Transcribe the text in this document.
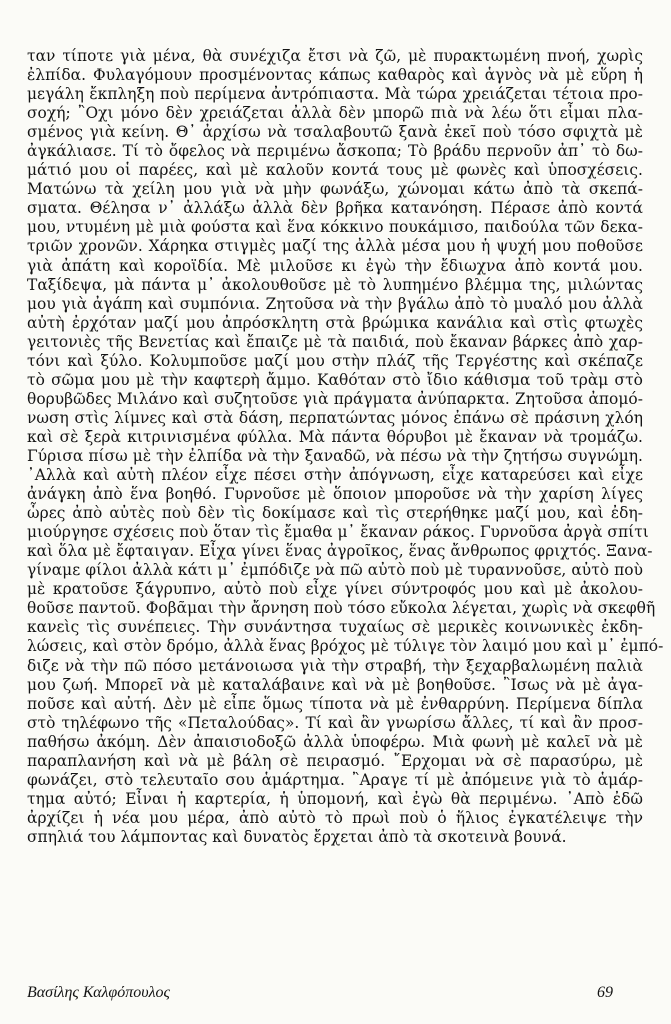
ταν τίποτε γιὰ μένα, θὰ συνέχιζα ἔτσι νὰ ζῶ, μὲ πυρακτωμένη πνοή, χωρὶς
ἐλπίδα. Φυλαγόμουν προσμένοντας κάπως καθαρὸς καὶ ἁγνὸς νὰ μὲ εὕρη ἡ
μεγάλη ἔκπληξη ποὺ περίμενα ἀντρόπιαστα. Μὰ τώρα χρειάζεται τέτοια προ-
σοχή; ῍Οχι μόνο δὲν χρειάζεται ἀλλὰ δὲν μπορῶ πιὰ νὰ λέω ὅτι εἶμαι πλα-
σμένος γιὰ κείνη. Θ᾿ ἀρχίσω νὰ τσαλαβουτῶ ξανὰ ἐκεῖ ποὺ τόσο σφιχτὰ μὲ
ἀγκάλιασε. Τί τὸ ὄφελος νὰ περιμένω ἄσκοπα; Τὸ βράδυ περνοῦν ἀπ᾿ τὸ δω-
μάτιό μου οἱ παρέες, καὶ μὲ καλοῦν κοντά τους μὲ φωνὲς καὶ ὑποσχέσεις.
Ματώνω τὰ χείλη μου γιὰ νὰ μὴν φωνάξω, χώνομαι κάτω ἀπὸ τὰ σκεπά-
σματα. Θέλησα ν᾿ ἀλλάξω ἀλλὰ δὲν βρῆκα κατανόηση. Πέρασε ἀπὸ κοντά
μου, ντυμένη μὲ μιὰ φούστα καὶ ἕνα κόκκινο πουκάμισο, παιδούλα τῶν δεκα-
τριῶν χρονῶν. Χάρηκα στιγμὲς μαζί της ἀλλὰ μέσα μου ἡ ψυχή μου ποθοῦσε
γιὰ ἀπάτη καὶ κοροϊδία. Μὲ μιλοῦσε κι ἐγὼ τὴν ἔδιωχνα ἀπὸ κοντά μου.
Ταξίδεψα, μὰ πάντα μ᾿ ἀκολουθοῦσε μὲ τὸ λυπημένο βλέμμα της, μιλώντας
μου γιὰ ἀγάπη καὶ συμπόνια. Ζητοῦσα νὰ τὴν βγάλω ἀπὸ τὸ μυαλό μου ἀλλὰ
αὐτὴ ἐρχόταν μαζί μου ἀπρόσκλητη στὰ βρώμικα κανάλια καὶ στὶς φτωχὲς
γειτονιὲς τῆς Βενετίας καὶ ἔπαιζε μὲ τὰ παιδιά, ποὺ ἔκαναν βάρκες ἀπὸ χαρ-
τόνι καὶ ξύλο. Κολυμποῦσε μαζί μου στὴν πλάζ τῆς Τεργέστης καὶ σκέπαζε
τὸ σῶμα μου μὲ τὴν καφτερὴ ἄμμο. Καθόταν στὸ ἴδιο κάθισμα τοῦ τρὰμ στὸ
θορυβῶδες Μιλάνο καὶ συζητοῦσε γιὰ πράγματα ἀνύπαρκτα. Ζητοῦσα ἀπομό-
νωση στὶς λίμνες καὶ στὰ δάση, περπατώντας μόνος ἐπάνω σὲ πράσινη χλόη
καὶ σὲ ξερὰ κιτρινισμένα φύλλα. Μὰ πάντα θόρυβοι μὲ ἔκαναν νὰ τρομάζω.
Γύρισα πίσω μὲ τὴν ἐλπίδα νὰ τὴν ξαναδῶ, νὰ πέσω νὰ τὴν ζητήσω συγνώμη.
᾿Αλλὰ καὶ αὐτὴ πλέον εἶχε πέσει στὴν ἀπόγνωση, εἶχε καταρεύσει καὶ εἶχε
ἀνάγκη ἀπὸ ἕνα βοηθό. Γυρνοῦσε μὲ ὅποιον μποροῦσε νὰ τὴν χαρίση λίγες
ὧρες ἀπὸ αὐτὲς ποὺ δὲν τὶς δοκίμασε καὶ τὶς στερήθηκε μαζί μου, καὶ ἐδη-
μιούργησε σχέσεις ποὺ ὅταν τὶς ἔμαθα μ᾿ ἔκαναν ράκος. Γυρνοῦσα ἀργὰ σπίτι
καὶ ὅλα μὲ ἔφταιγαν. Εἶχα γίνει ἕνας ἀγροῖκος, ἕνας ἄνθρωπος φριχτός. Ξανα-
γίναμε φίλοι ἀλλὰ κάτι μ᾿ ἐμπόδιζε νὰ πῶ αὐτὸ ποὺ μὲ τυραννοῦσε, αὐτὸ ποὺ
μὲ κρατοῦσε ξάγρυπνο, αὐτὸ ποὺ εἶχε γίνει σύντροφός μου καὶ μὲ ἀκολου-
θοῦσε παντοῦ. Φοβᾶμαι τὴν ἄρνηση ποὺ τόσο εὔκολα λέγεται, χωρὶς νὰ σκεφθῆ
κανεὶς τὶς συνέπειες. Τὴν συνάντησα τυχαίως σὲ μερικὲς κοινωνικὲς ἐκδη-
λώσεις, καὶ στὸν δρόμο, ἀλλὰ ἕνας βρόχος μὲ τύλιγε τὸν λαιμό μου καὶ μ᾿ ἐμπό-
διζε νὰ τὴν πῶ πόσο μετάνοιωσα γιὰ τὴν στραβή, τὴν ξεχαρβαλωμένη παλιὰ
μου ζωή. Μπορεῖ νὰ μὲ καταλάβαινε καὶ νὰ μὲ βοηθοῦσε. ῍Ισως νὰ μὲ ἀγα-
ποῦσε καὶ αὐτή. Δὲν μὲ εἶπε ὅμως τίποτα νὰ μὲ ἐνθαρρύνη. Περίμενα δίπλα
στὸ τηλέφωνο τῆς «Πεταλούδας». Τί καὶ ἂν γνωρίσω ἄλλες, τί καὶ ἂν προσ-
παθήσω ἀκόμη. Δὲν ἀπαισιοδοξῶ ἀλλὰ ὑποφέρω. Μιὰ φωνὴ μὲ καλεῖ νὰ μὲ
παραπλανήση καὶ νὰ μὲ βάλη σὲ πειρασμό. ῎Ερχομαι νὰ σὲ παρασύρω, μὲ
φωνάζει, στὸ τελευταῖο σου ἁμάρτημα. ῍Αραγε τί μὲ ἀπόμεινε γιὰ τὸ ἁμάρ-
τημα αὐτό; Εἶναι ἡ καρτερία, ἡ ὑπομονή, καὶ ἐγὼ θὰ περιμένω. ᾿Απὸ ἐδῶ
ἀρχίζει ἡ νέα μου μέρα, ἀπὸ αὐτὸ τὸ πρωὶ ποὺ ὁ ἥλιος ἐγκατέλειψε τὴν
σπηλιά του λάμποντας καὶ δυνατὸς ἔρχεται ἀπὸ τὰ σκοτεινὰ βουνά.
Βασίλης Καλφόπουλος	69
